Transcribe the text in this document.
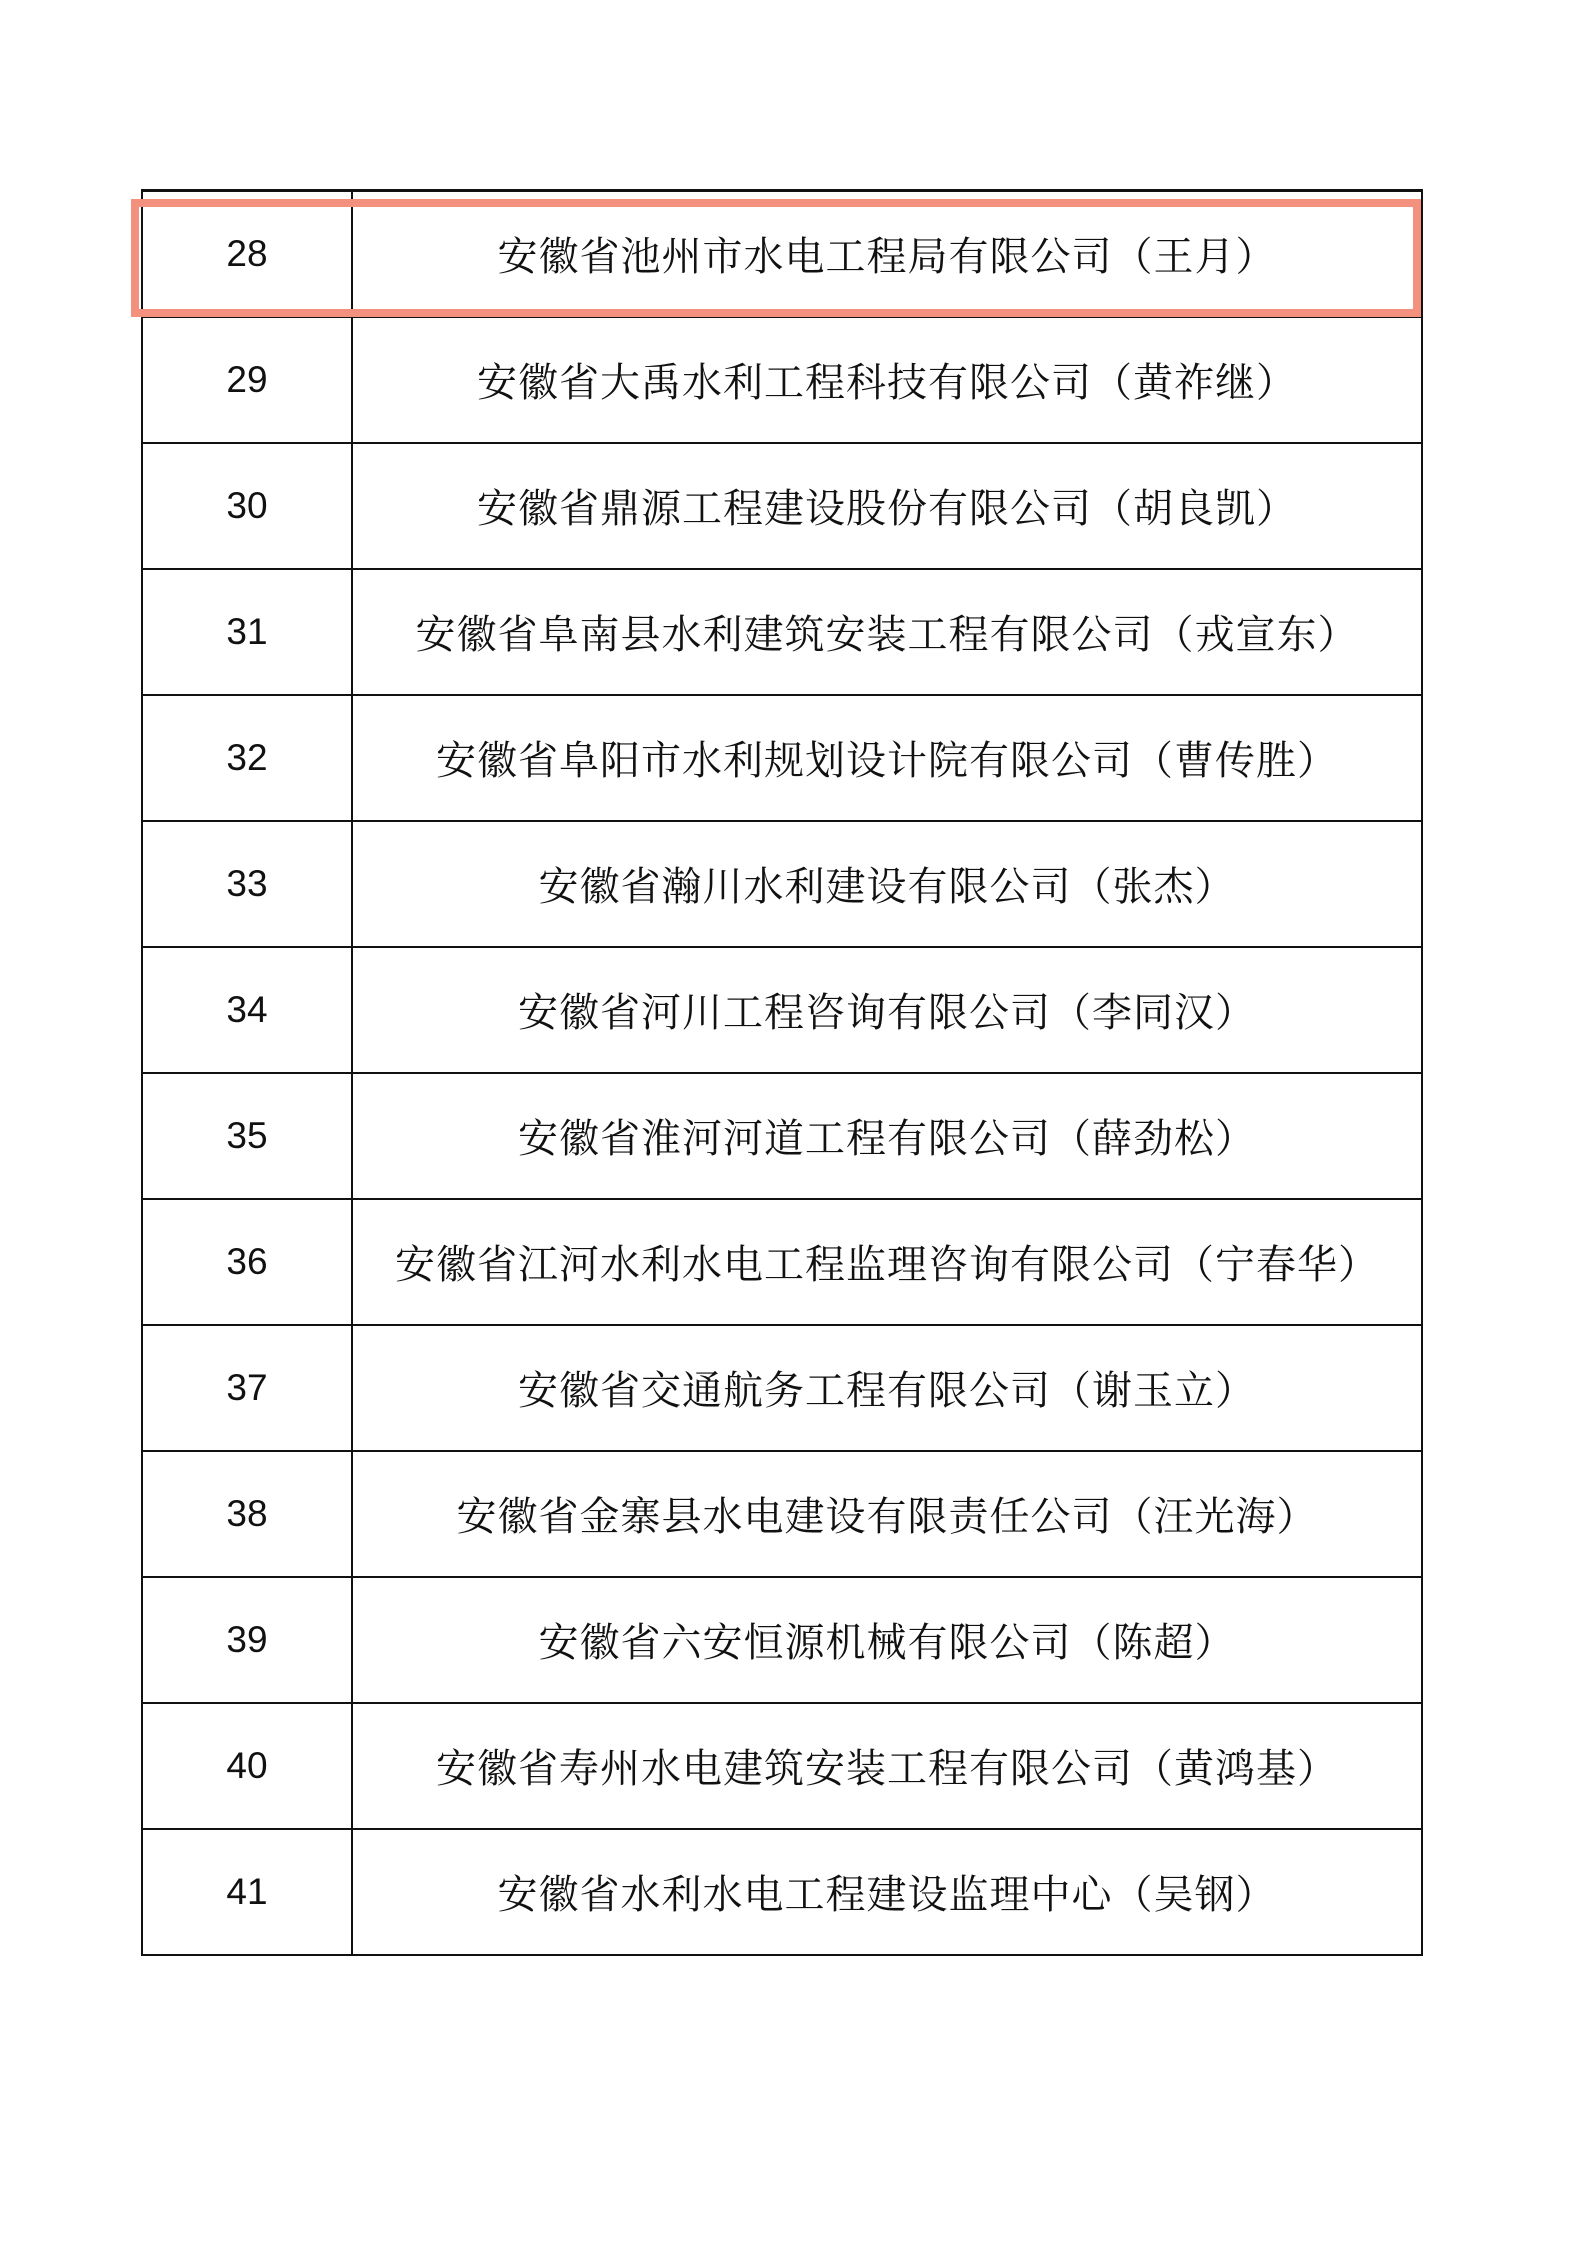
28	安徽省池州市水电工程局有限公司（王月）
29	安徽省大禹水利工程科技有限公司（黄祚继）
30	安徽省鼎源工程建设股份有限公司（胡良凯）
31	安徽省阜南县水利建筑安装工程有限公司（戎宣东）
32	安徽省阜阳市水利规划设计院有限公司（曹传胜）
33	安徽省瀚川水利建设有限公司（张杰）
34	安徽省河川工程咨询有限公司（李同汉）
35	安徽省淮河河道工程有限公司（薛劲松）
36	安徽省江河水利水电工程监理咨询有限公司（宁春华）
37	安徽省交通航务工程有限公司（谢玉立）
38	安徽省金寨县水电建设有限责任公司（汪光海）
39	安徽省六安恒源机械有限公司（陈超）
40	安徽省寿州水电建筑安装工程有限公司（黄鸿基）
41	安徽省水利水电工程建设监理中心（吴钢）
